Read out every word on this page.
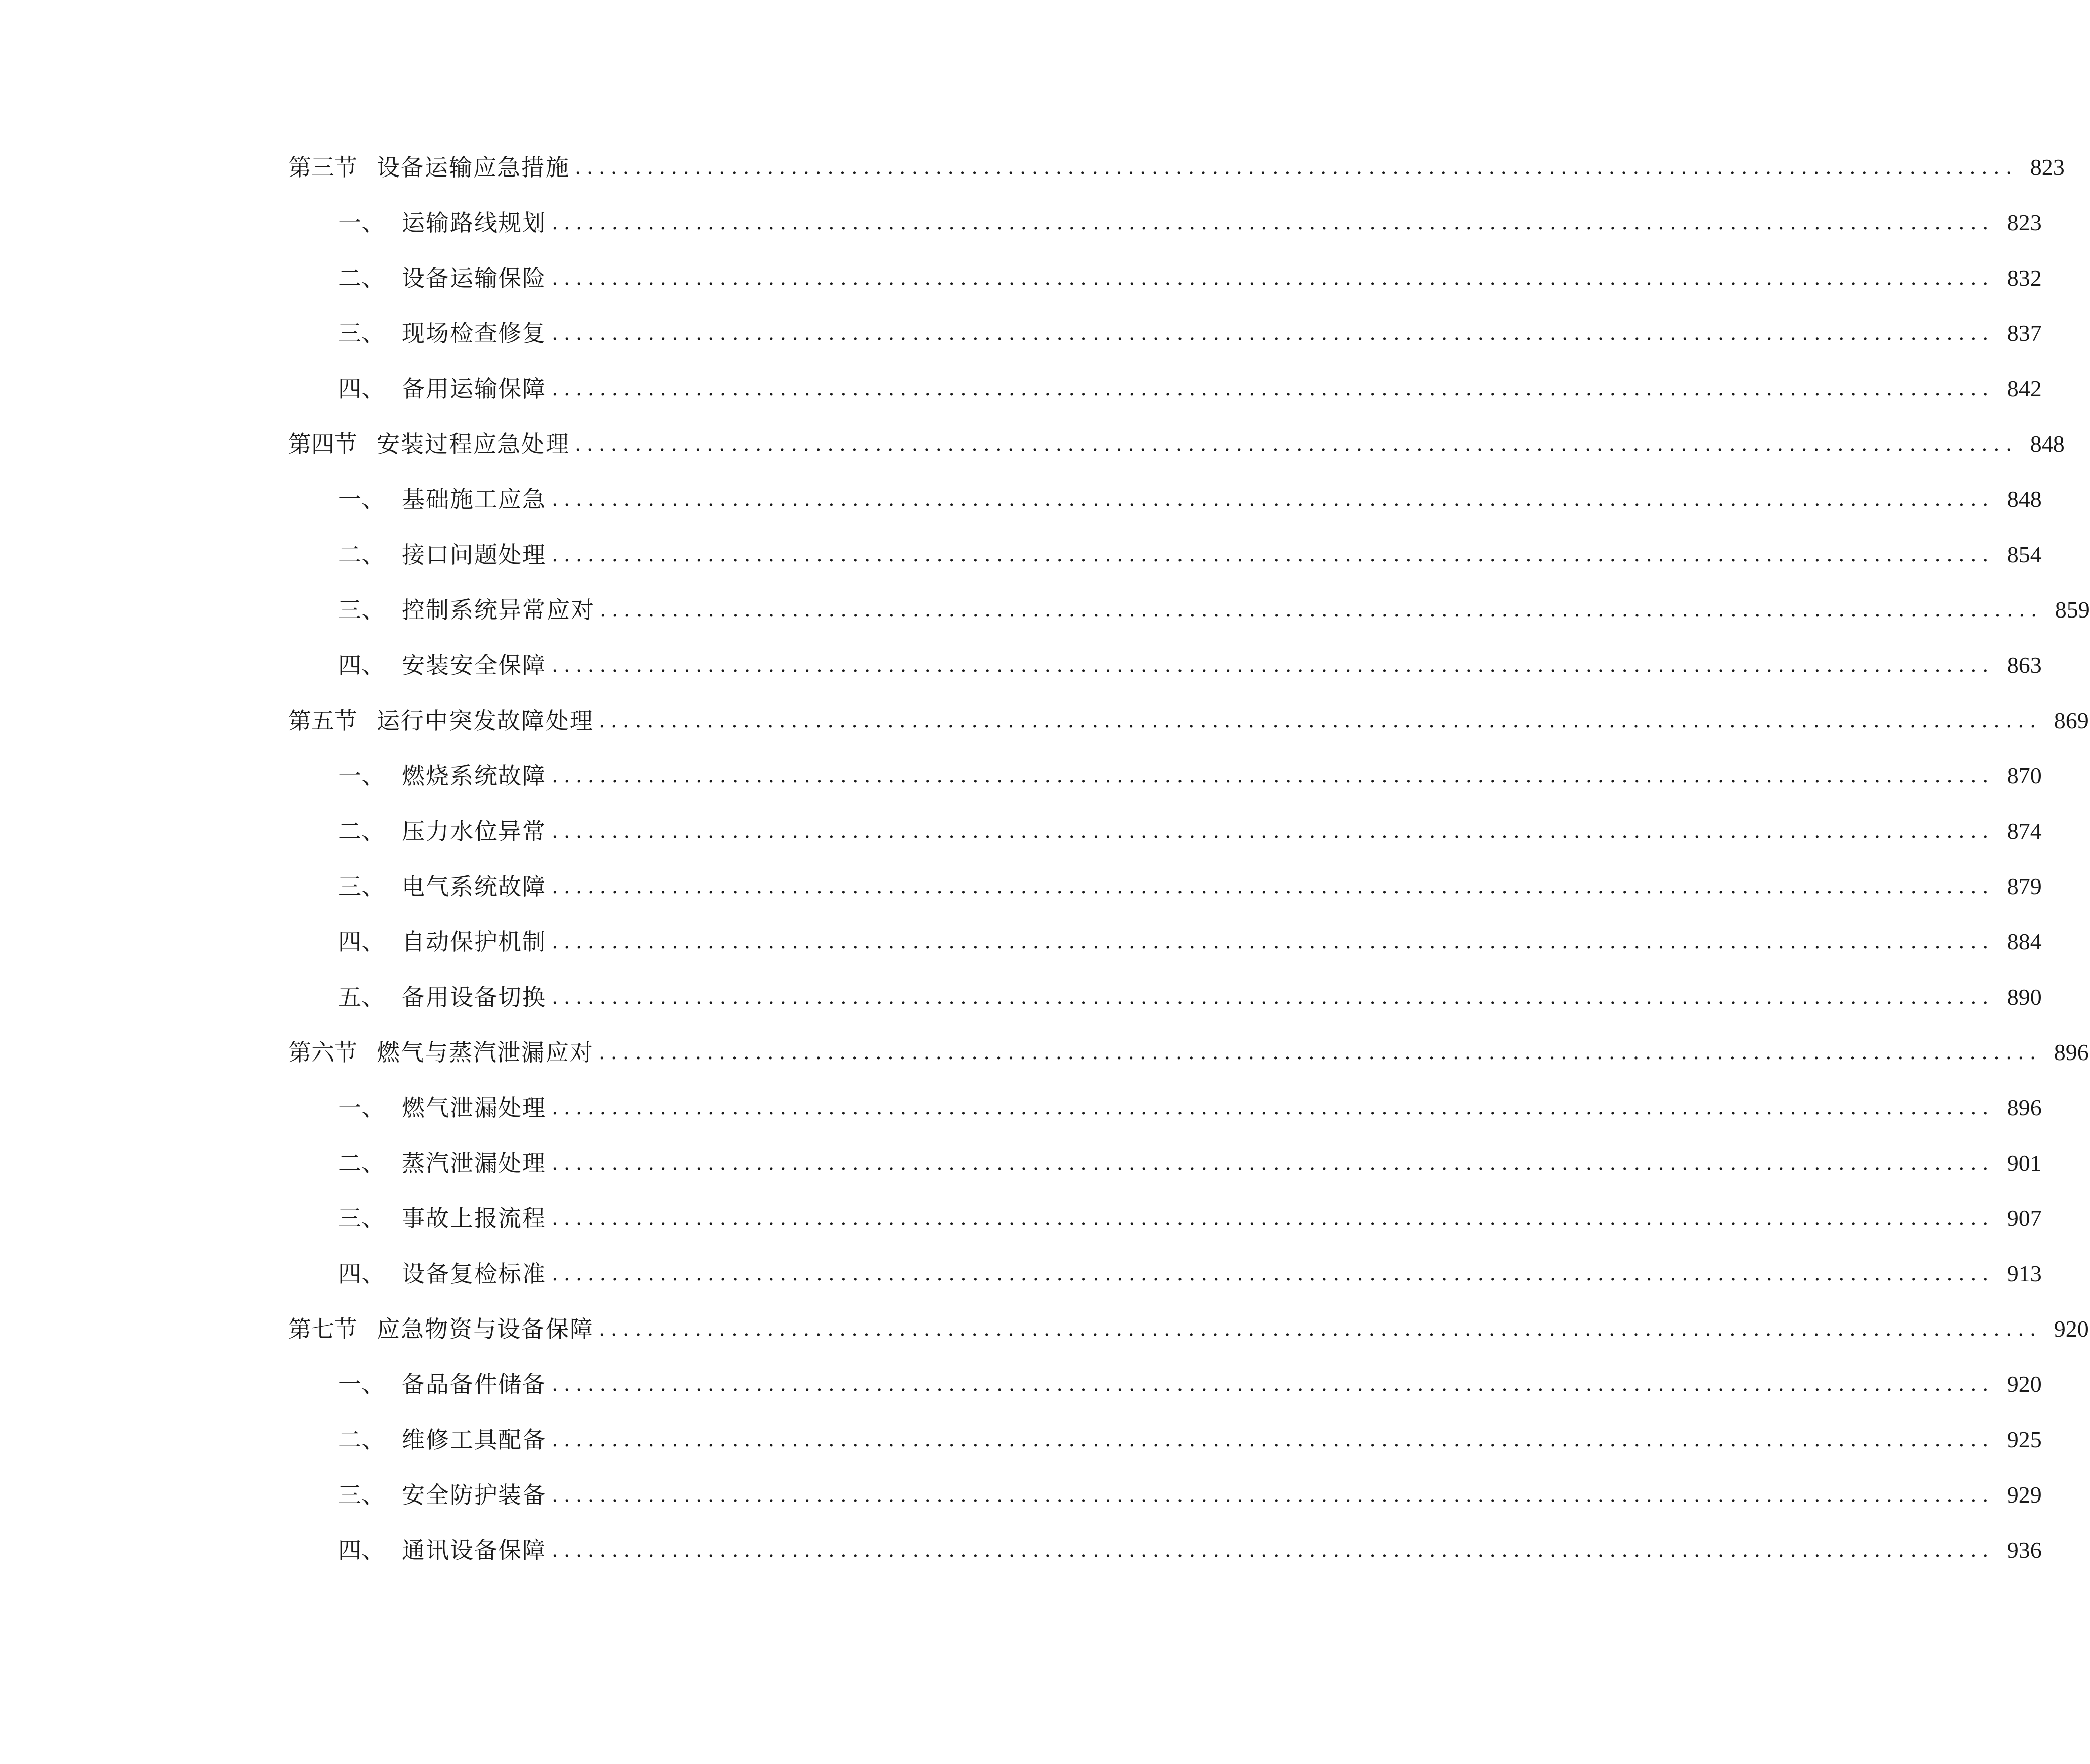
第三节 设备运输应急措施 ........................................................................................................................ 823
一、 运输路线规划 ........................................................................................................................ 823
二、 设备运输保险 ........................................................................................................................ 832
三、 现场检查修复 ........................................................................................................................ 837
四、 备用运输保障 ........................................................................................................................ 842
第四节 安装过程应急处理 ........................................................................................................................ 848
一、 基础施工应急 ........................................................................................................................ 848
二、 接口问题处理 ........................................................................................................................ 854
三、 控制系统异常应对 ........................................................................................................................ 859
四、 安装安全保障 ........................................................................................................................ 863
第五节 运行中突发故障处理 ........................................................................................................................ 869
一、 燃烧系统故障 ........................................................................................................................ 870
二、 压力水位异常 ........................................................................................................................ 874
三、 电气系统故障 ........................................................................................................................ 879
四、 自动保护机制 ........................................................................................................................ 884
五、 备用设备切换 ........................................................................................................................ 890
第六节 燃气与蒸汽泄漏应对 ........................................................................................................................ 896
一、 燃气泄漏处理 ........................................................................................................................ 896
二、 蒸汽泄漏处理 ........................................................................................................................ 901
三、 事故上报流程 ........................................................................................................................ 907
四、 设备复检标准 ........................................................................................................................ 913
第七节 应急物资与设备保障 ........................................................................................................................ 920
一、 备品备件储备 ........................................................................................................................ 920
二、 维修工具配备 ........................................................................................................................ 925
三、 安全防护装备 ........................................................................................................................ 929
四、 通讯设备保障 ........................................................................................................................ 936
